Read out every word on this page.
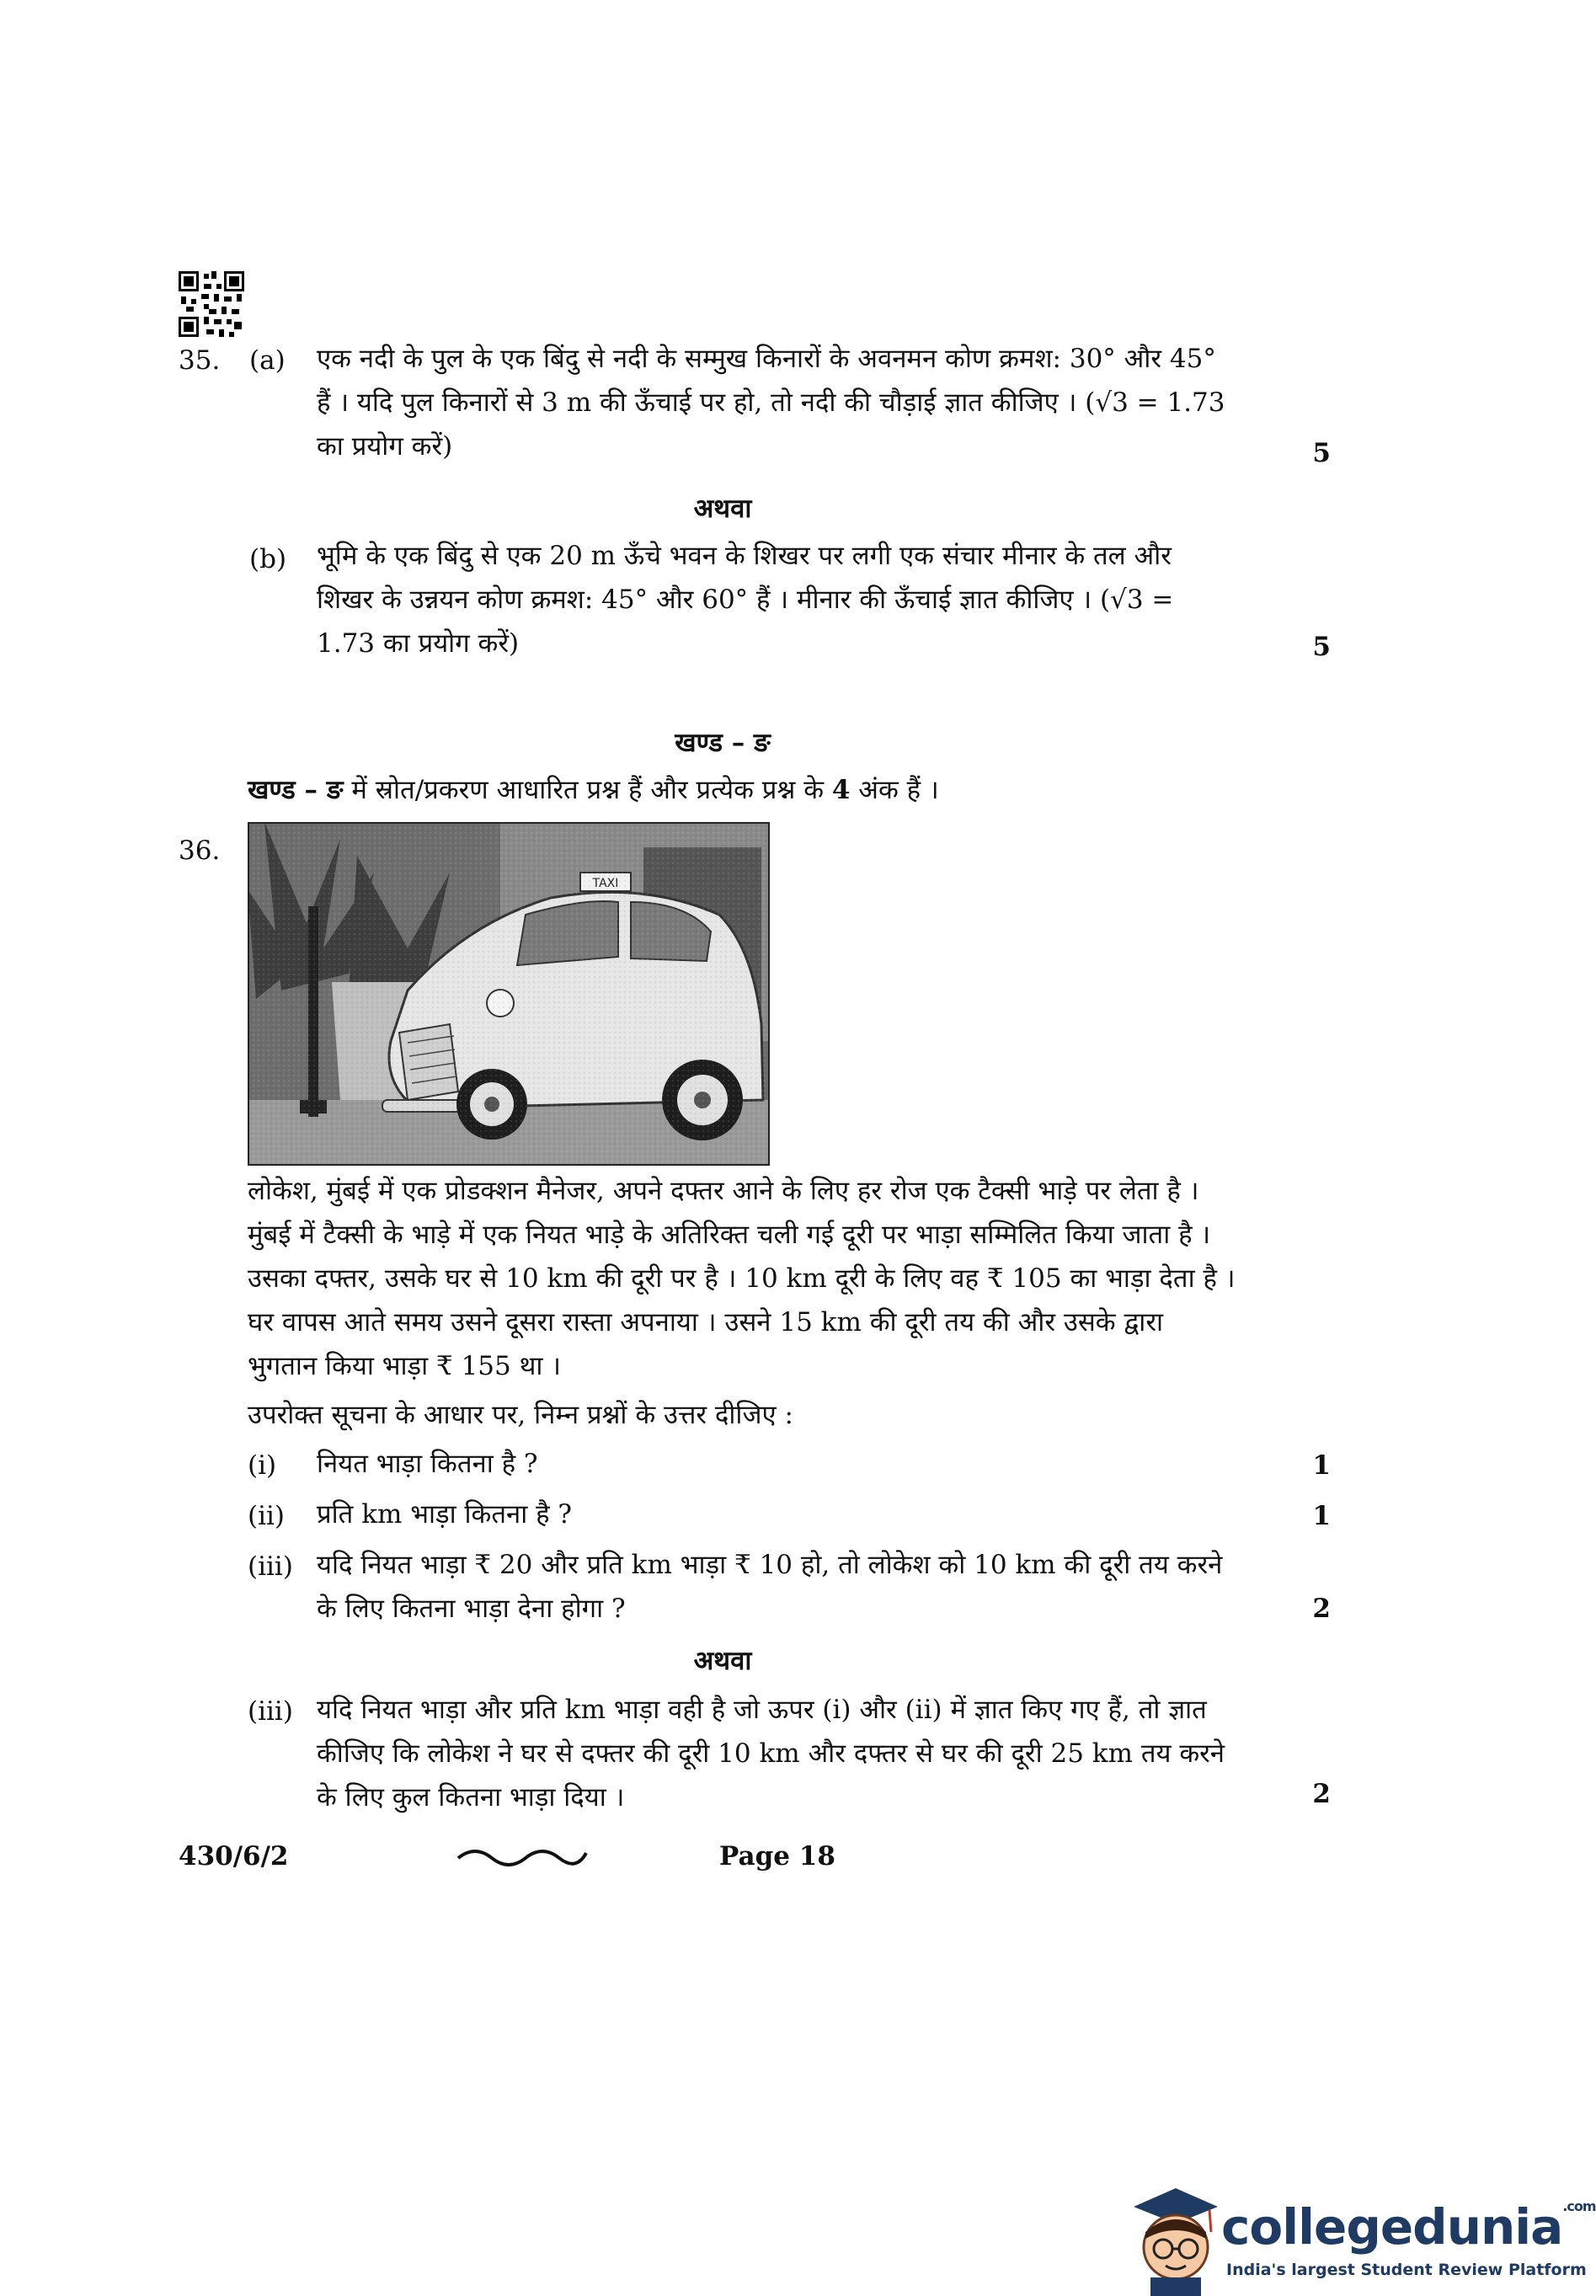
35. (a) एक नदी के पुल के एक बिंदु से नदी के सम्मुख किनारों के अवनमन कोण क्रमश: 30° और 45°
हैं । यदि पुल किनारों से 3 m की ऊँचाई पर हो, तो नदी की चौड़ाई ज्ञात कीजिए । (√3 = 1.73
का प्रयोग करें)	5
अथवा
(b) भूमि के एक बिंदु से एक 20 m ऊँचे भवन के शिखर पर लगी एक संचार मीनार के तल और
शिखर के उन्नयन कोण क्रमश: 45° और 60° हैं । मीनार की ऊँचाई ज्ञात कीजिए । (√3 =
1.73 का प्रयोग करें)	5
खण्ड – ङ
खण्ड – ङ में स्रोत/प्रकरण आधारित प्रश्न हैं और प्रत्येक प्रश्न के 4 अंक हैं ।
36.
लोकेश, मुंबई में एक प्रोडक्शन मैनेजर, अपने दफ्तर आने के लिए हर रोज एक टैक्सी भाड़े पर लेता है ।
मुंबई में टैक्सी के भाड़े में एक नियत भाड़े के अतिरिक्त चली गई दूरी पर भाड़ा सम्मिलित किया जाता है ।
उसका दफ्तर, उसके घर से 10 km की दूरी पर है । 10 km दूरी के लिए वह ₹ 105 का भाड़ा देता है ।
घर वापस आते समय उसने दूसरा रास्ता अपनाया । उसने 15 km की दूरी तय की और उसके द्वारा
भुगतान किया भाड़ा ₹ 155 था ।
उपरोक्त सूचना के आधार पर, निम्न प्रश्नों के उत्तर दीजिए :
(i) नियत भाड़ा कितना है ?	1
(ii) प्रति km भाड़ा कितना है ?	1
(iii) यदि नियत भाड़ा ₹ 20 और प्रति km भाड़ा ₹ 10 हो, तो लोकेश को 10 km की दूरी तय करने
के लिए कितना भाड़ा देना होगा ?	2
अथवा
(iii) यदि नियत भाड़ा और प्रति km भाड़ा वही है जो ऊपर (i) और (ii) में ज्ञात किए गए हैं, तो ज्ञात
कीजिए कि लोकेश ने घर से दफ्तर की दूरी 10 km और दफ्तर से घर की दूरी 25 km तय करने
के लिए कुल कितना भाड़ा दिया ।	2
430/6/2	Page 18
collegedunia$^{.com}$
India's largest Student Review Platform
